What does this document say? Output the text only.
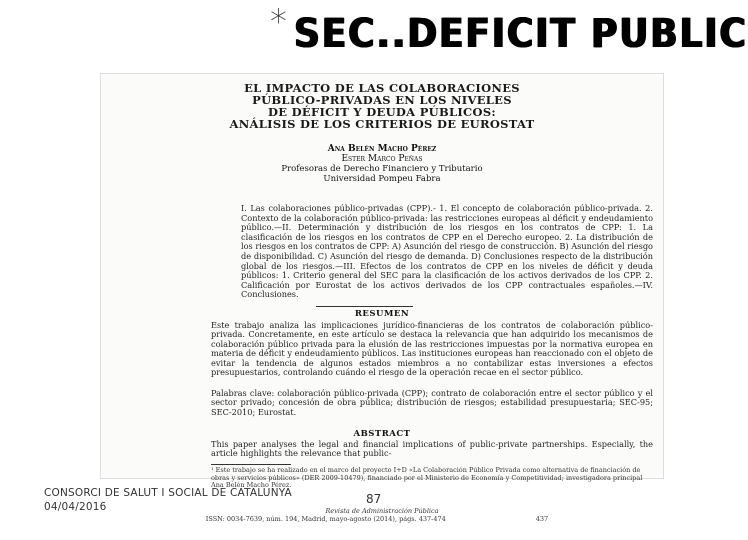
* SEC..DEFICIT PUBLIC
EL IMPACTO DE LAS COLABORACIONES
PÚBLICO-PRIVADAS EN LOS NIVELES
DE DÉFICIT Y DEUDA PÚBLICOS:
ANÁLISIS DE LOS CRITERIOS DE EUROSTAT
Ana Belén Macho Pérez
Ester Marco Peñas
Profesoras de Derecho Financiero y Tributario
Universidad Pompeu Fabra
I. Las colaboraciones público-privadas (CPP).- 1. El concepto de colaboración público-privada. 2. Contexto de la colaboración público-privada: las restricciones europeas al déficit y endeudamiento público.—II. Determinación y distribución de los riesgos en los contratos de CPP: 1. La clasificación de los riesgos en los contratos de CPP en el Derecho europeo. 2. La distribución de los riesgos en los contratos de CPP: A) Asunción del riesgo de construcción. B) Asunción del riesgo de disponibilidad. C) Asunción del riesgo de demanda. D) Conclusiones respecto de la distribución global de los riesgos.—III. Efectos de los contratos de CPP en los niveles de déficit y deuda públicos: 1. Criterio general del SEC para la clasificación de los activos derivados de los CPP. 2. Calificación por Eurostat de los activos derivados de los CPP contractuales españoles.—IV. Conclusiones.
RESUMEN
Este trabajo analiza las implicaciones jurídico-financieras de los contratos de colaboración público-privada. Concretamente, en este artículo se destaca la relevancia que han adquirido los mecanismos de colaboración público privada para la elusión de las restricciones impuestas por la normativa europea en materia de déficit y endeudamiento públicos. Las instituciones europeas han reaccionado con el objeto de evitar la tendencia de algunos estados miembros a no contabilizar estas inversiones a efectos presupuestarios, controlando cuándo el riesgo de la operación recae en el sector público.
Palabras clave: colaboración público-privada (CPP); contrato de colaboración entre el sector público y el sector privado; concesión de obra pública; distribución de riesgos; estabilidad presupuestaria; SEC-95; SEC-2010; Eurostat.
ABSTRACT
This paper analyses the legal and financial implications of public-private partnerships. Especially, the article highlights the relevance that public-
¹ Este trabajo se ha realizado en el marco del proyecto I+D «La Colaboración Público Privada como alternativa de financiación de obras y servicios públicos» (DER 2009-10479), financiado por el Ministerio de Economía y Competitividad; investigadora principal Ana Belén Macho Pérez.
Revista de Administración Pública
ISSN: 0034-7639, núm. 194, Madrid, mayo-agosto (2014), págs. 437-474	437
CONSORCI DE SALUT I SOCIAL DE CATALUNYA
04/04/2016
87
